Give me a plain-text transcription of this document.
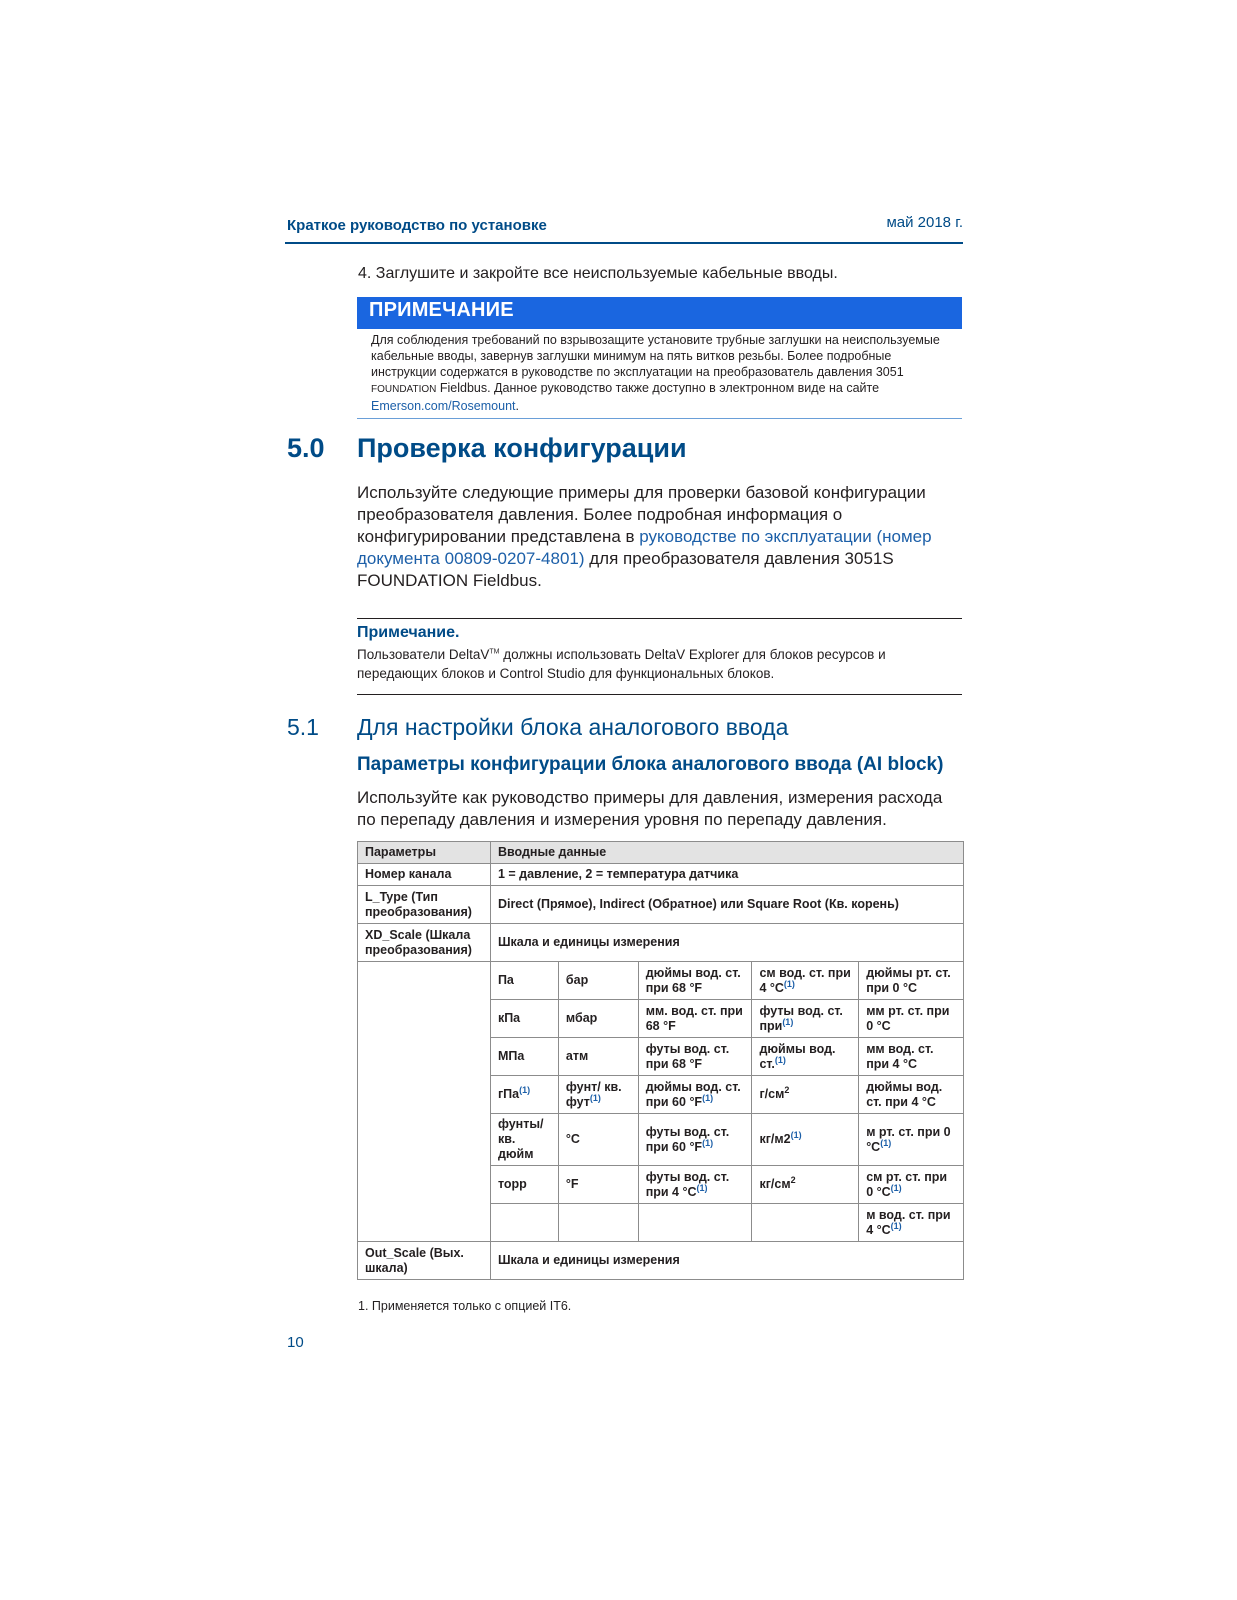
Краткое руководство по установке	май 2018 г.
4. Заглушите и закройте все неиспользуемые кабельные вводы.
ПРИМЕЧАНИЕ
Для соблюдения требований по взрывозащите установите трубные заглушки на неиспользуемые кабельные вводы, завернув заглушки минимум на пять витков резьбы. Более подробные инструкции содержатся в руководстве по эксплуатации на преобразователь давления 3051 FOUNDATION Fieldbus. Данное руководство также доступно в электронном виде на сайте Emerson.com/Rosemount.
5.0 Проверка конфигурации
Используйте следующие примеры для проверки базовой конфигурации преобразователя давления. Более подробная информация о конфигурировании представлена в руководстве по эксплуатации (номер документа 00809-0207-4801) для преобразователя давления 3051S FOUNDATION Fieldbus.
Примечание.
Пользователи DeltaV™ должны использовать DeltaV Explorer для блоков ресурсов и передающих блоков и Control Studio для функциональных блоков.
5.1 Для настройки блока аналогового ввода
Параметры конфигурации блока аналогового ввода (AI block)
Используйте как руководство примеры для давления, измерения расхода по перепаду давления и измерения уровня по перепаду давления.
Параметры	Вводные данные				
Номер канала	1 = давление, 2 = температура датчика				
L_Type (Тип преобразования)	Direct (Прямое), Indirect (Обратное) или Square Root (Кв. корень)				
XD_Scale (Шкала преобразования)	Шкала и единицы измерения				
	Па	бар	дюймы вод. ст. при 68 °F	см вод. ст. при 4 $^\circ C^{(1)}$	дюймы рт. ст. при 0 °C
	кПа	мбар	мм. вод. ст. при 68 °F	футы вод. ст. при$^{(1)}$	мм рт. ст. при 0 °C
	МПа	атм	футы вод. ст. при 68 °F	дюймы вод. ст.$^{(1)}$	мм вод. ст. при 4 °C
	гПа$^{(1)}$	фунт/ кв. фут$^{(1)}$	дюймы вод. ст. при 60 $^\circ F^{(1)}$	$г/см^2$	дюймы вод. ст. при 4 °C
	фунты/ кв. дюйм	°C	футы вод. ст. при 60 $^\circ F^{(1)}$	кг/м2$^{(1)}$	м рт. ст. при 0 $^\circ C^{(1)}$
	торр	°F	футы вод. ст. при 4 $^\circ C^{(1)}$	$кг/см^2$	см рт. ст. при 0 $^\circ C^{(1)}$
					м вод. ст. при 4 $^\circ C^{(1)}$
Out_Scale (Вых. шкала)	Шкала и единицы измерения				
1. Применяется только с опцией IT6.
10
